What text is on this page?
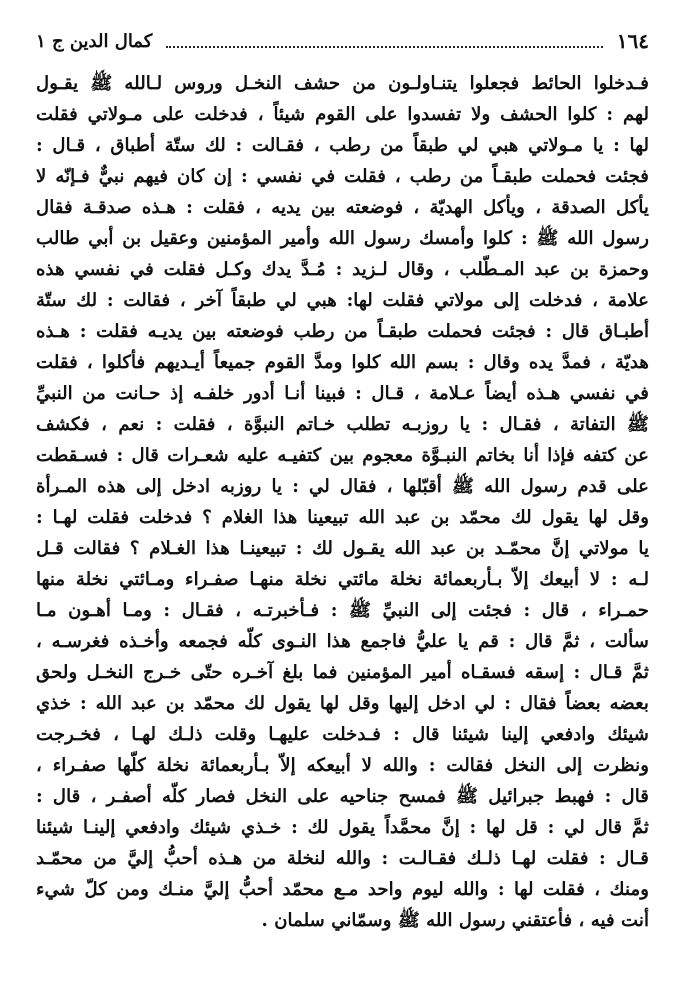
١٦٤
كمال الدين ج ١
فـدخلوا الحائط فجعلوا يتنـاولـون من حشف النخـل وروس لـالله ﷺ يقـول
لهم : كلوا الحشف ولا تفسدوا على القوم شيئاً ، فدخلت على مـولاتي فقلت
لها : يا مـولاتي هبي لي طبقاً من رطب ، فقـالت : لك ستّة أطباق ، قـال :
فجئت فحملت طبقـاً من رطب ، فقلت في نفسي : إن كان فيهم نبيٌّ فـإنّه لا
يأكل الصدقة ، ويأكل الهديّة ، فوضعته بين يديه ، فقلت : هـذه صدقـة فقال
رسول الله ﷺ : كلوا وأمسك رسول الله وأمير المؤمنين وعقيل بن أبي طالب
وحمزة بن عبد المـطّلب ، وقال لـزيد : مُـدَّ يدك وكـل فقلت في نفسي هذه
علامة ، فدخلت إلى مولاتي فقلت لها: هبي لي طبقاً آخر ، فقالت : لك ستّة
أطبـاق قال : فجئت فحملت طبقـاً من رطب فوضعته بين يديـه فقلت : هـذه
هديّة ، فمدَّ يده وقال : بسم الله كلوا ومدَّ القوم جميعاً أيـديهم فأكلوا ، فقلت
في نفسي هـذه أيضاً عـلامة ، قـال : فبينا أنـا أدور خلفـه إذ حـانت من النبيِّ
ﷺ التفاتة ، فقـال : يا روزبـه تطلب خـاتم النبوَّة ، فقلت : نعم ، فكشف
عن كتفه فإذا أنا بخاتم النبـوَّة معجوم بين كتفيـه عليه شعـرات قال : فسـقطت
على قدم رسول الله ﷺ أقبّلها ، فقال لي : يا روزبه ادخل إلى هذه المـرأة
وقل لها يقول لك محمّد بن عبد الله تبيعينا هذا الغلام ؟ فدخلت فقلت لهـا :
يا مولاتي إنَّ محمّـد بن عبد الله يقـول لك : تبيعينـا هذا الغـلام ؟ فقالت قـل
لـه : لا أبيعك إلاّ بـأربعمائة نخلة مائتي نخلة منهـا صفـراء ومـائتي نخلة منها
حمـراء ، قال : فجئت إلى النبيِّ ﷺ : فـأخبرتـه ، فقـال : ومـا أهـون مـا
سألت ، ثمَّ قال : قم يا عليُّ فاجمع هذا النـوى كلّه فجمعه وأخـذه فغرسـه ،
ثمَّ قـال : إسقه فسقـاه أمير المؤمنين فما بلغ آخـره حتّى خـرج النخـل ولحق
بعضه بعضاً فقال : لي ادخل إليها وقل لها يقول لك محمّد بن عبد الله : خذي
شيئك وادفعي إلينا شيئنا قال : فـدخلت عليهـا وقلت ذلـك لهـا ، فخـرجت
ونظرت إلى النخل فقالت : والله لا أبيعكه إلاّ بـأربعمائة نخلة كلّها صفـراء ،
قال : فهبط جبرائيل ﷺ فمسح جناحيه على النخل فصار كلّه أصفـر ، قال :
ثمَّ قال لي : قل لها : إنَّ محمَّداً يقول لك : خـذي شيئك وادفعي إلينـا شيئنا
قـال : فقلت لهـا ذلـك فقـالـت : والله لنخلة من هـذه أحبُّ إليَّ من محمّـد
ومنك ، فقلت لها : والله ليوم واحد مـع محمّد أحبُّ إليَّ منـك ومن كلّ شيء
أنت فيه ، فأعتقني رسول الله ﷺ وسمّاني سلمان .
